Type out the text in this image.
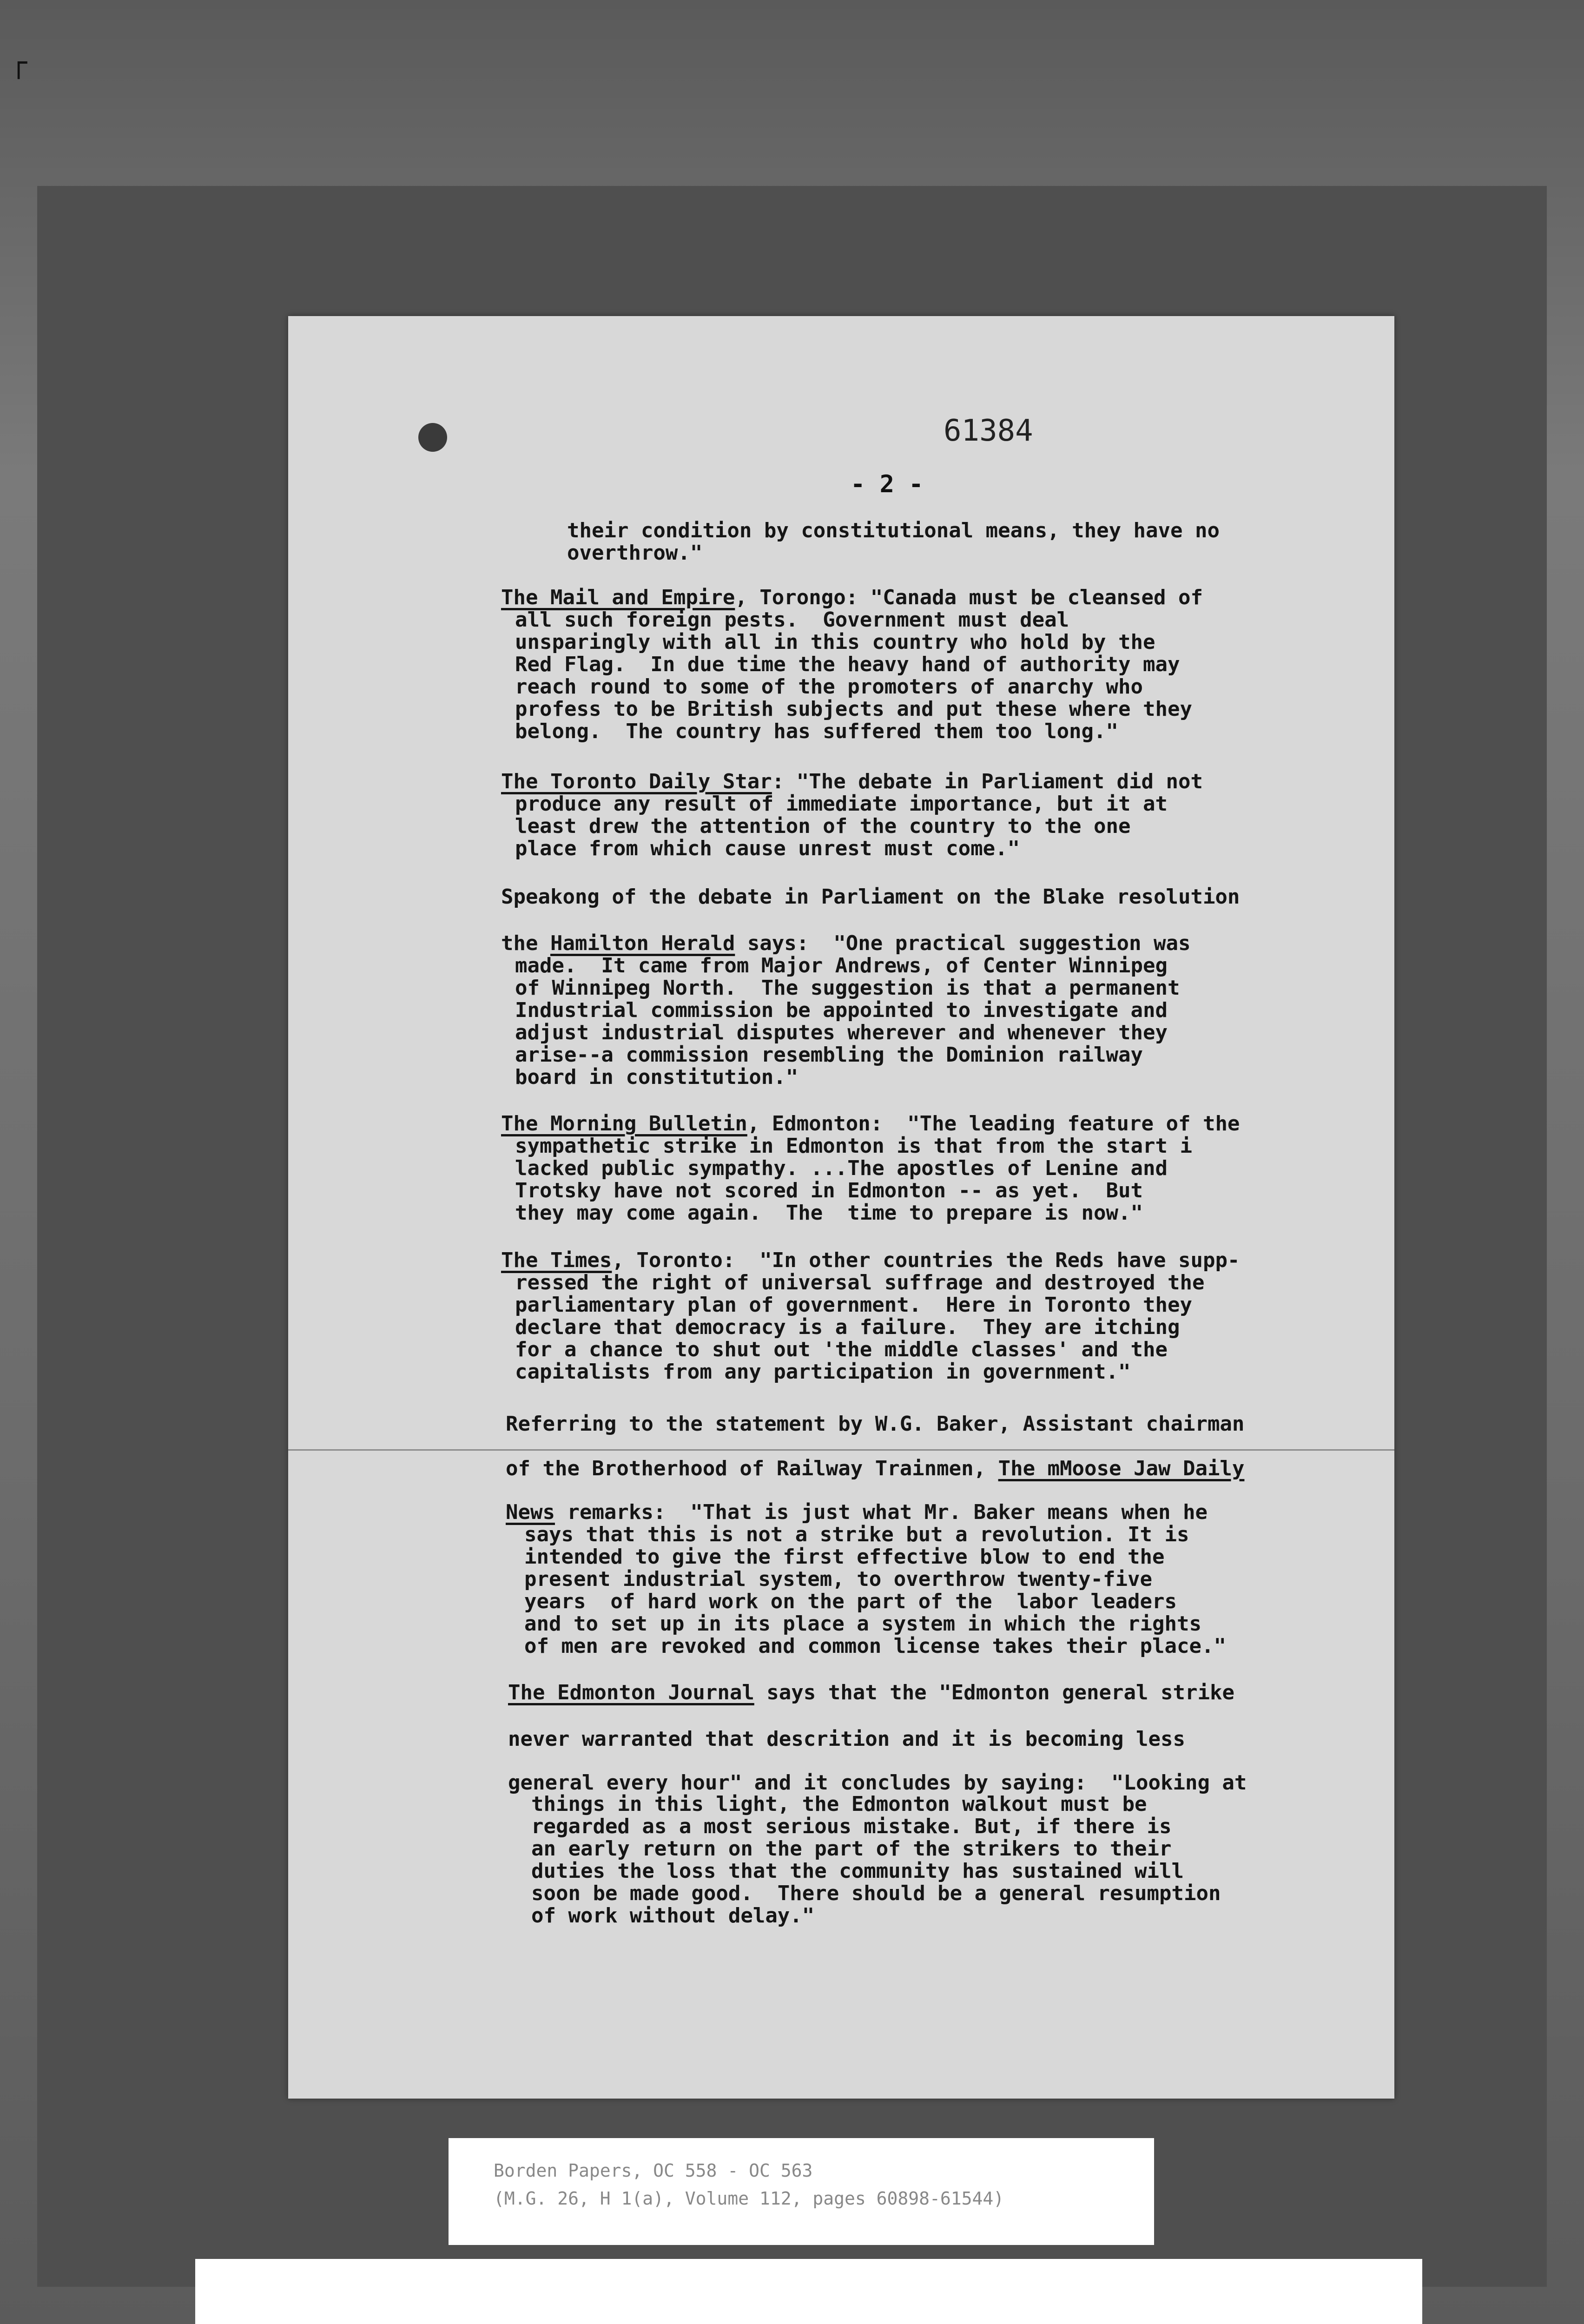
┌
61384
- 2 -
their condition by constitutional means, they have no
overthrow."
The Mail and Empire, Torongo: "Canada must be cleansed of
all such foreign pests.  Government must deal
unsparingly with all in this country who hold by the
Red Flag.  In due time the heavy hand of authority may
reach round to some of the promoters of anarchy who
profess to be British subjects and put these where they
belong.  The country has suffered them too long."
The Toronto Daily Star: "The debate in Parliament did not
produce any result of immediate importance, but it at
least drew the attention of the country to the one
place from which cause unrest must come."
Speakong of the debate in Parliament on the Blake resolution
the Hamilton Herald says:  "One practical suggestion was
made.  It came from Major Andrews, of Center Winnipeg
of Winnipeg North.  The suggestion is that a permanent
Industrial commission be appointed to investigate and
adjust industrial disputes wherever and whenever they
arise--a commission resembling the Dominion railway
board in constitution."
The Morning Bulletin, Edmonton:  "The leading feature of the
sympathetic strike in Edmonton is that from the start i
lacked public sympathy. ...The apostles of Lenine and
Trotsky have not scored in Edmonton -- as yet.  But
they may come again.  The  time to prepare is now."
The Times, Toronto:  "In other countries the Reds have supp-
ressed the right of universal suffrage and destroyed the
parliamentary plan of government.  Here in Toronto they
declare that democracy is a failure.  They are itching
for a chance to shut out 'the middle classes' and the
capitalists from any participation in government."
Referring to the statement by W.G. Baker, Assistant chairman
of the Brotherhood of Railway Trainmen, The mMoose Jaw Daily
News remarks:  "That is just what Mr. Baker means when he
says that this is not a strike but a revolution. It is
intended to give the first effective blow to end the
present industrial system, to overthrow twenty-five
years  of hard work on the part of the  labor leaders
and to set up in its place a system in which the rights
of men are revoked and common license takes their place."
The Edmonton Journal says that the "Edmonton general strike
never warranted that descrition and it is becoming less
general every hour" and it concludes by saying:  "Looking at
things in this light, the Edmonton walkout must be
regarded as a most serious mistake. But, if there is
an early return on the part of the strikers to their
duties the loss that the community has sustained will
soon be made good.  There should be a general resumption
of work without delay."
Borden Papers, OC 558 - OC 563
(M.G. 26, H 1(a), Volume 112, pages 60898-61544)
